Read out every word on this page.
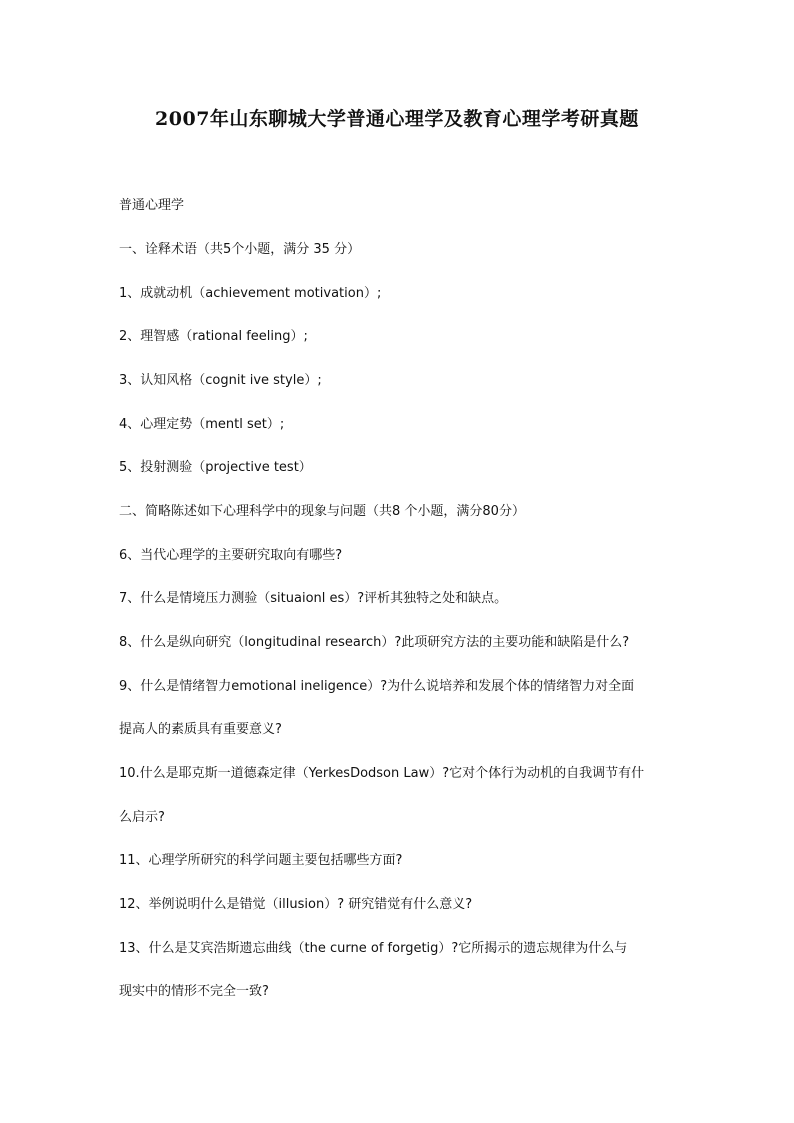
2007年山东聊城大学普通心理学及教育心理学考研真题
普通心理学
一、诠释术语（共5个小题，满分 35 分）
1、成就动机（achievement motivation）;
2、理智感（rational feeling）;
3、认知风格（cognit ive style）;
4、心理定势（mentl set）;
5、投射测验（projective test）
二、简略陈述如下心理科学中的现象与问题（共8 个小题，满分80分）
6、当代心理学的主要研究取向有哪些?
7、什么是情境压力测验（situaionl es）?评析其独特之处和缺点。
8、什么是纵向研究（longitudinal research）?此项研究方法的主要功能和缺陷是什么?
9、什么是情绪智力emotional ineligence）?为什么说培养和发展个体的情绪智力对全面
提高人的素质具有重要意义?
10.什么是耶克斯一道德森定律（YerkesDodson Law）?它对个体行为动机的自我调节有什
么启示?
11、心理学所研究的科学问题主要包括哪些方面?
12、举例说明什么是错觉（illusion）? 研究错觉有什么意义?
13、什么是艾宾浩斯遗忘曲线（the curne of forgetig）?它所揭示的遗忘规律为什么与
现实中的情形不完全一致?
